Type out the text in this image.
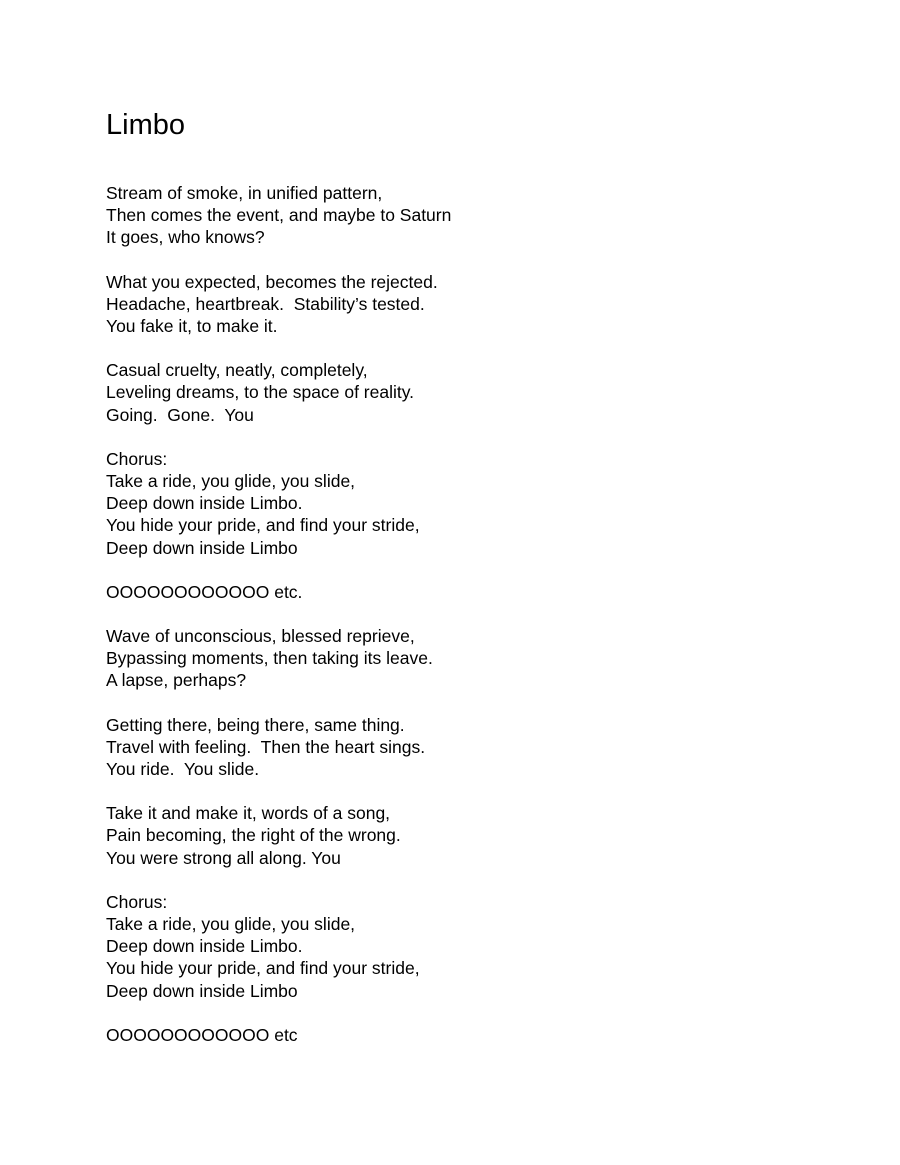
Limbo
Stream of smoke, in unified pattern,
Then comes the event, and maybe to Saturn
It goes, who knows?
What you expected, becomes the rejected.
Headache, heartbreak.  Stability’s tested.
You fake it, to make it.
Casual cruelty, neatly, completely,
Leveling dreams, to the space of reality.
Going.  Gone.  You
Chorus:
Take a ride, you glide, you slide,
Deep down inside Limbo.
You hide your pride, and find your stride,
Deep down inside Limbo
OOOOOOOOOOOO etc.
Wave of unconscious, blessed reprieve,
Bypassing moments, then taking its leave.
A lapse, perhaps?
Getting there, being there, same thing.
Travel with feeling.  Then the heart sings.
You ride.  You slide.
Take it and make it, words of a song,
Pain becoming, the right of the wrong.
You were strong all along. You
Chorus:
Take a ride, you glide, you slide,
Deep down inside Limbo.
You hide your pride, and find your stride,
Deep down inside Limbo
OOOOOOOOOOOO etc
